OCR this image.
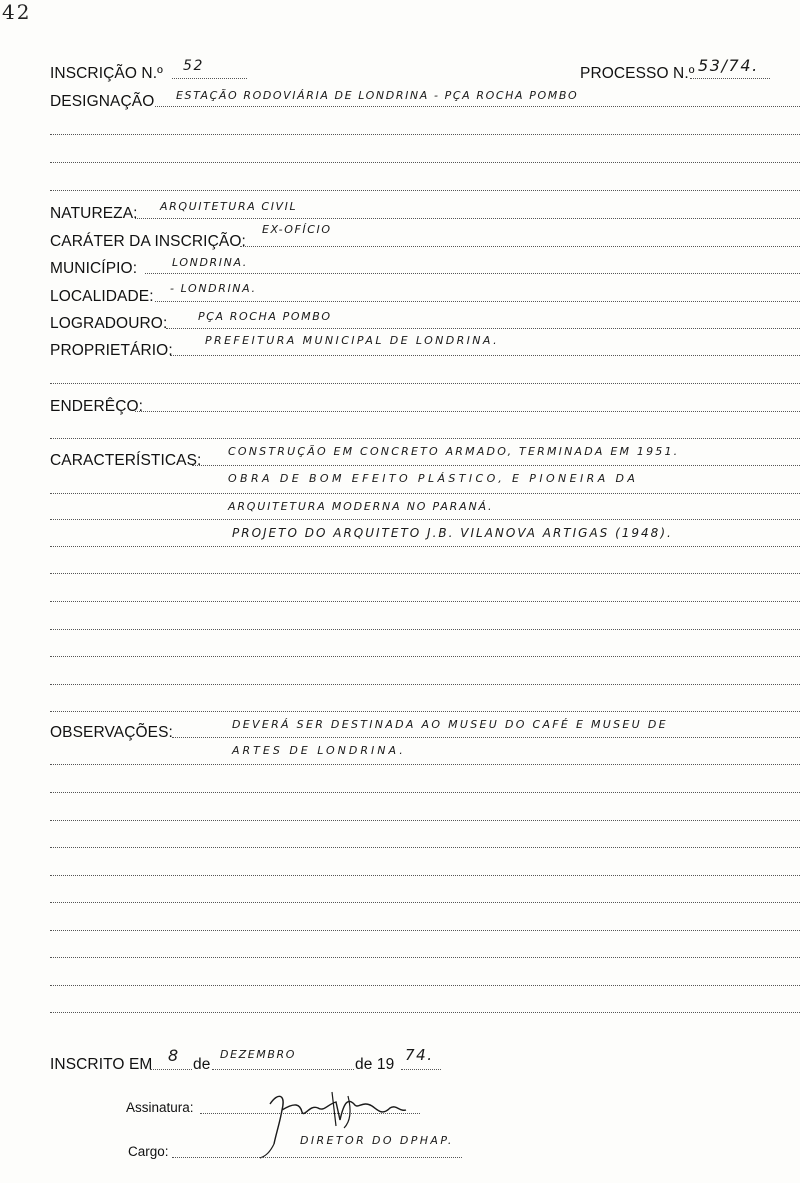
42
INSCRIÇÃO N.º 52	PROCESSO N.º 53/74.
DESIGNAÇÃO ESTAÇÃO RODOVIÁRIA DE LONDRINA - PÇA ROCHA POMBO
NATUREZA: ARQUITETURA CIVIL
CARÁTER DA INSCRIÇÃO:
EX-OFÍCIO
MUNICÍPIO:	LONDRINA.
LOCALIDADE: - LONDRINA.
LOGRADOURO:	PÇA ROCHA POMBO
PROPRIETÁRIO:
PREFEITURA MUNICIPAL DE LONDRINA.
ENDERÊÇO:
CARACTERÍSTICAS:
CONSTRUÇÃO EM CONCRETO ARMADO, TERMINADA EM 1951.
OBRA DE BOM EFEITO PLÁSTICO, E PIONEIRA DA
ARQUITETURA MODERNA NO PARANÁ.
PROJETO DO ARQUITETO J.B. VILANOVA ARTIGAS (1948).
OBSERVAÇÕES:	DEVERÁ SER DESTINADA AO MUSEU DO CAFÉ E MUSEU DE
ARTES DE LONDRINA.
INSCRITO EM 8 de
DEZEMBRO
de 19
74.
Assinatura:
Cargo:
DIRETOR DO DPHAP.
